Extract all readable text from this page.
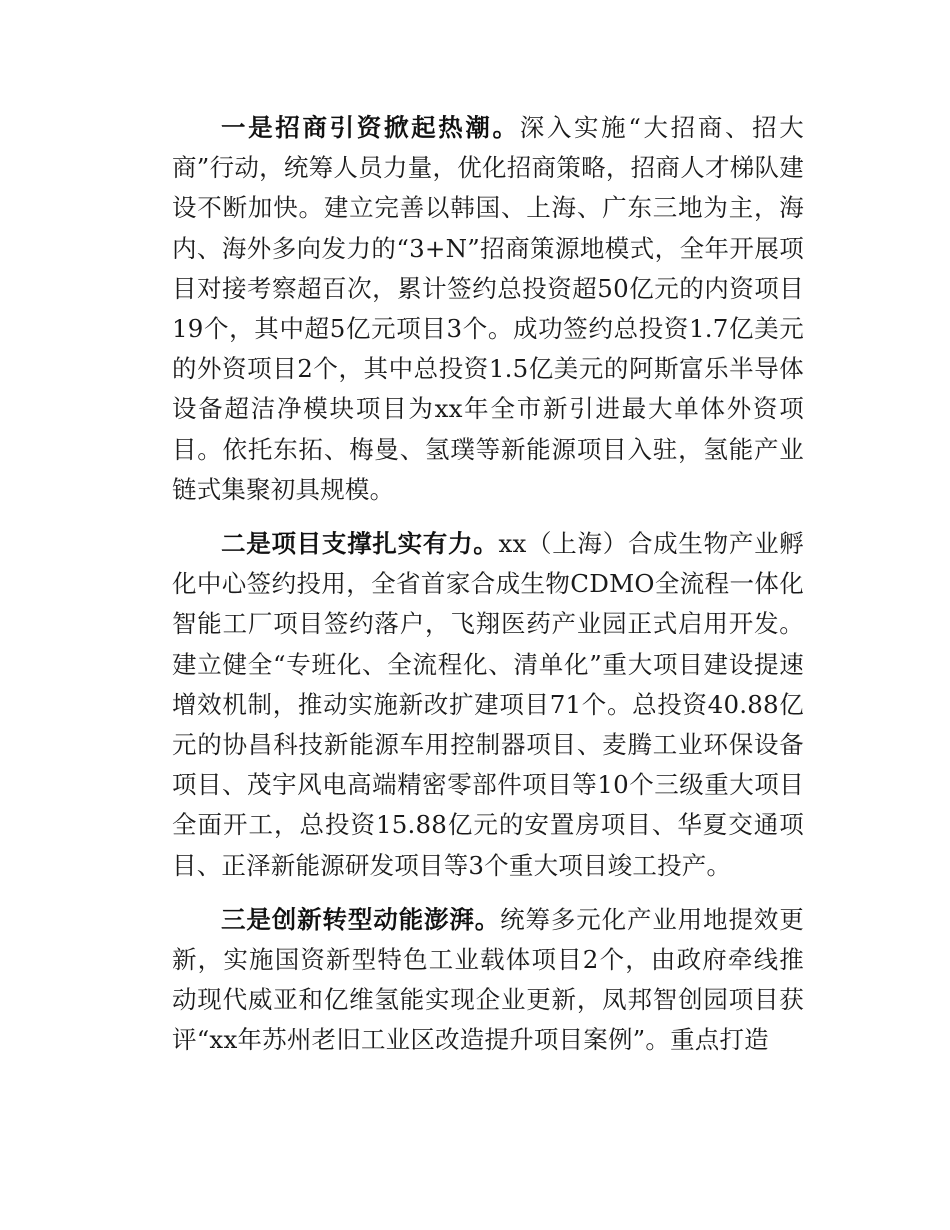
一是招商引资掀起热潮。深入实施“大招商、招大商”行动，统筹人员力量，优化招商策略，招商人才梯队建设不断加快。建立完善以韩国、上海、广东三地为主，海内、海外多向发力的“3+N”招商策源地模式，全年开展项目对接考察超百次，累计签约总投资超50亿元的内资项目19个，其中超5亿元项目3个。成功签约总投资1.7亿美元的外资项目2个，其中总投资1.5亿美元的阿斯富乐半导体设备超洁净模块项目为xx年全市新引进最大单体外资项目。依托东拓、梅曼、氢璞等新能源项目入驻，氢能产业链式集聚初具规模。

二是项目支撑扎实有力。xx（上海）合成生物产业孵化中心签约投用，全省首家合成生物CDMO全流程一体化智能工厂项目签约落户，飞翔医药产业园正式启用开发。建立健全“专班化、全流程化、清单化”重大项目建设提速增效机制，推动实施新改扩建项目71个。总投资40.88亿元的协昌科技新能源车用控制器项目、麦腾工业环保设备项目、茂宇风电高端精密零部件项目等10个三级重大项目全面开工，总投资15.88亿元的安置房项目、华夏交通项目、正泽新能源研发项目等3个重大项目竣工投产。

三是创新转型动能澎湃。统筹多元化产业用地提效更新，实施国资新型特色工业载体项目2个，由政府牵线推动现代威亚和亿维氢能实现企业更新，凤邦智创园项目获评“xx年苏州老旧工业区改造提升项目案例”。重点打造
